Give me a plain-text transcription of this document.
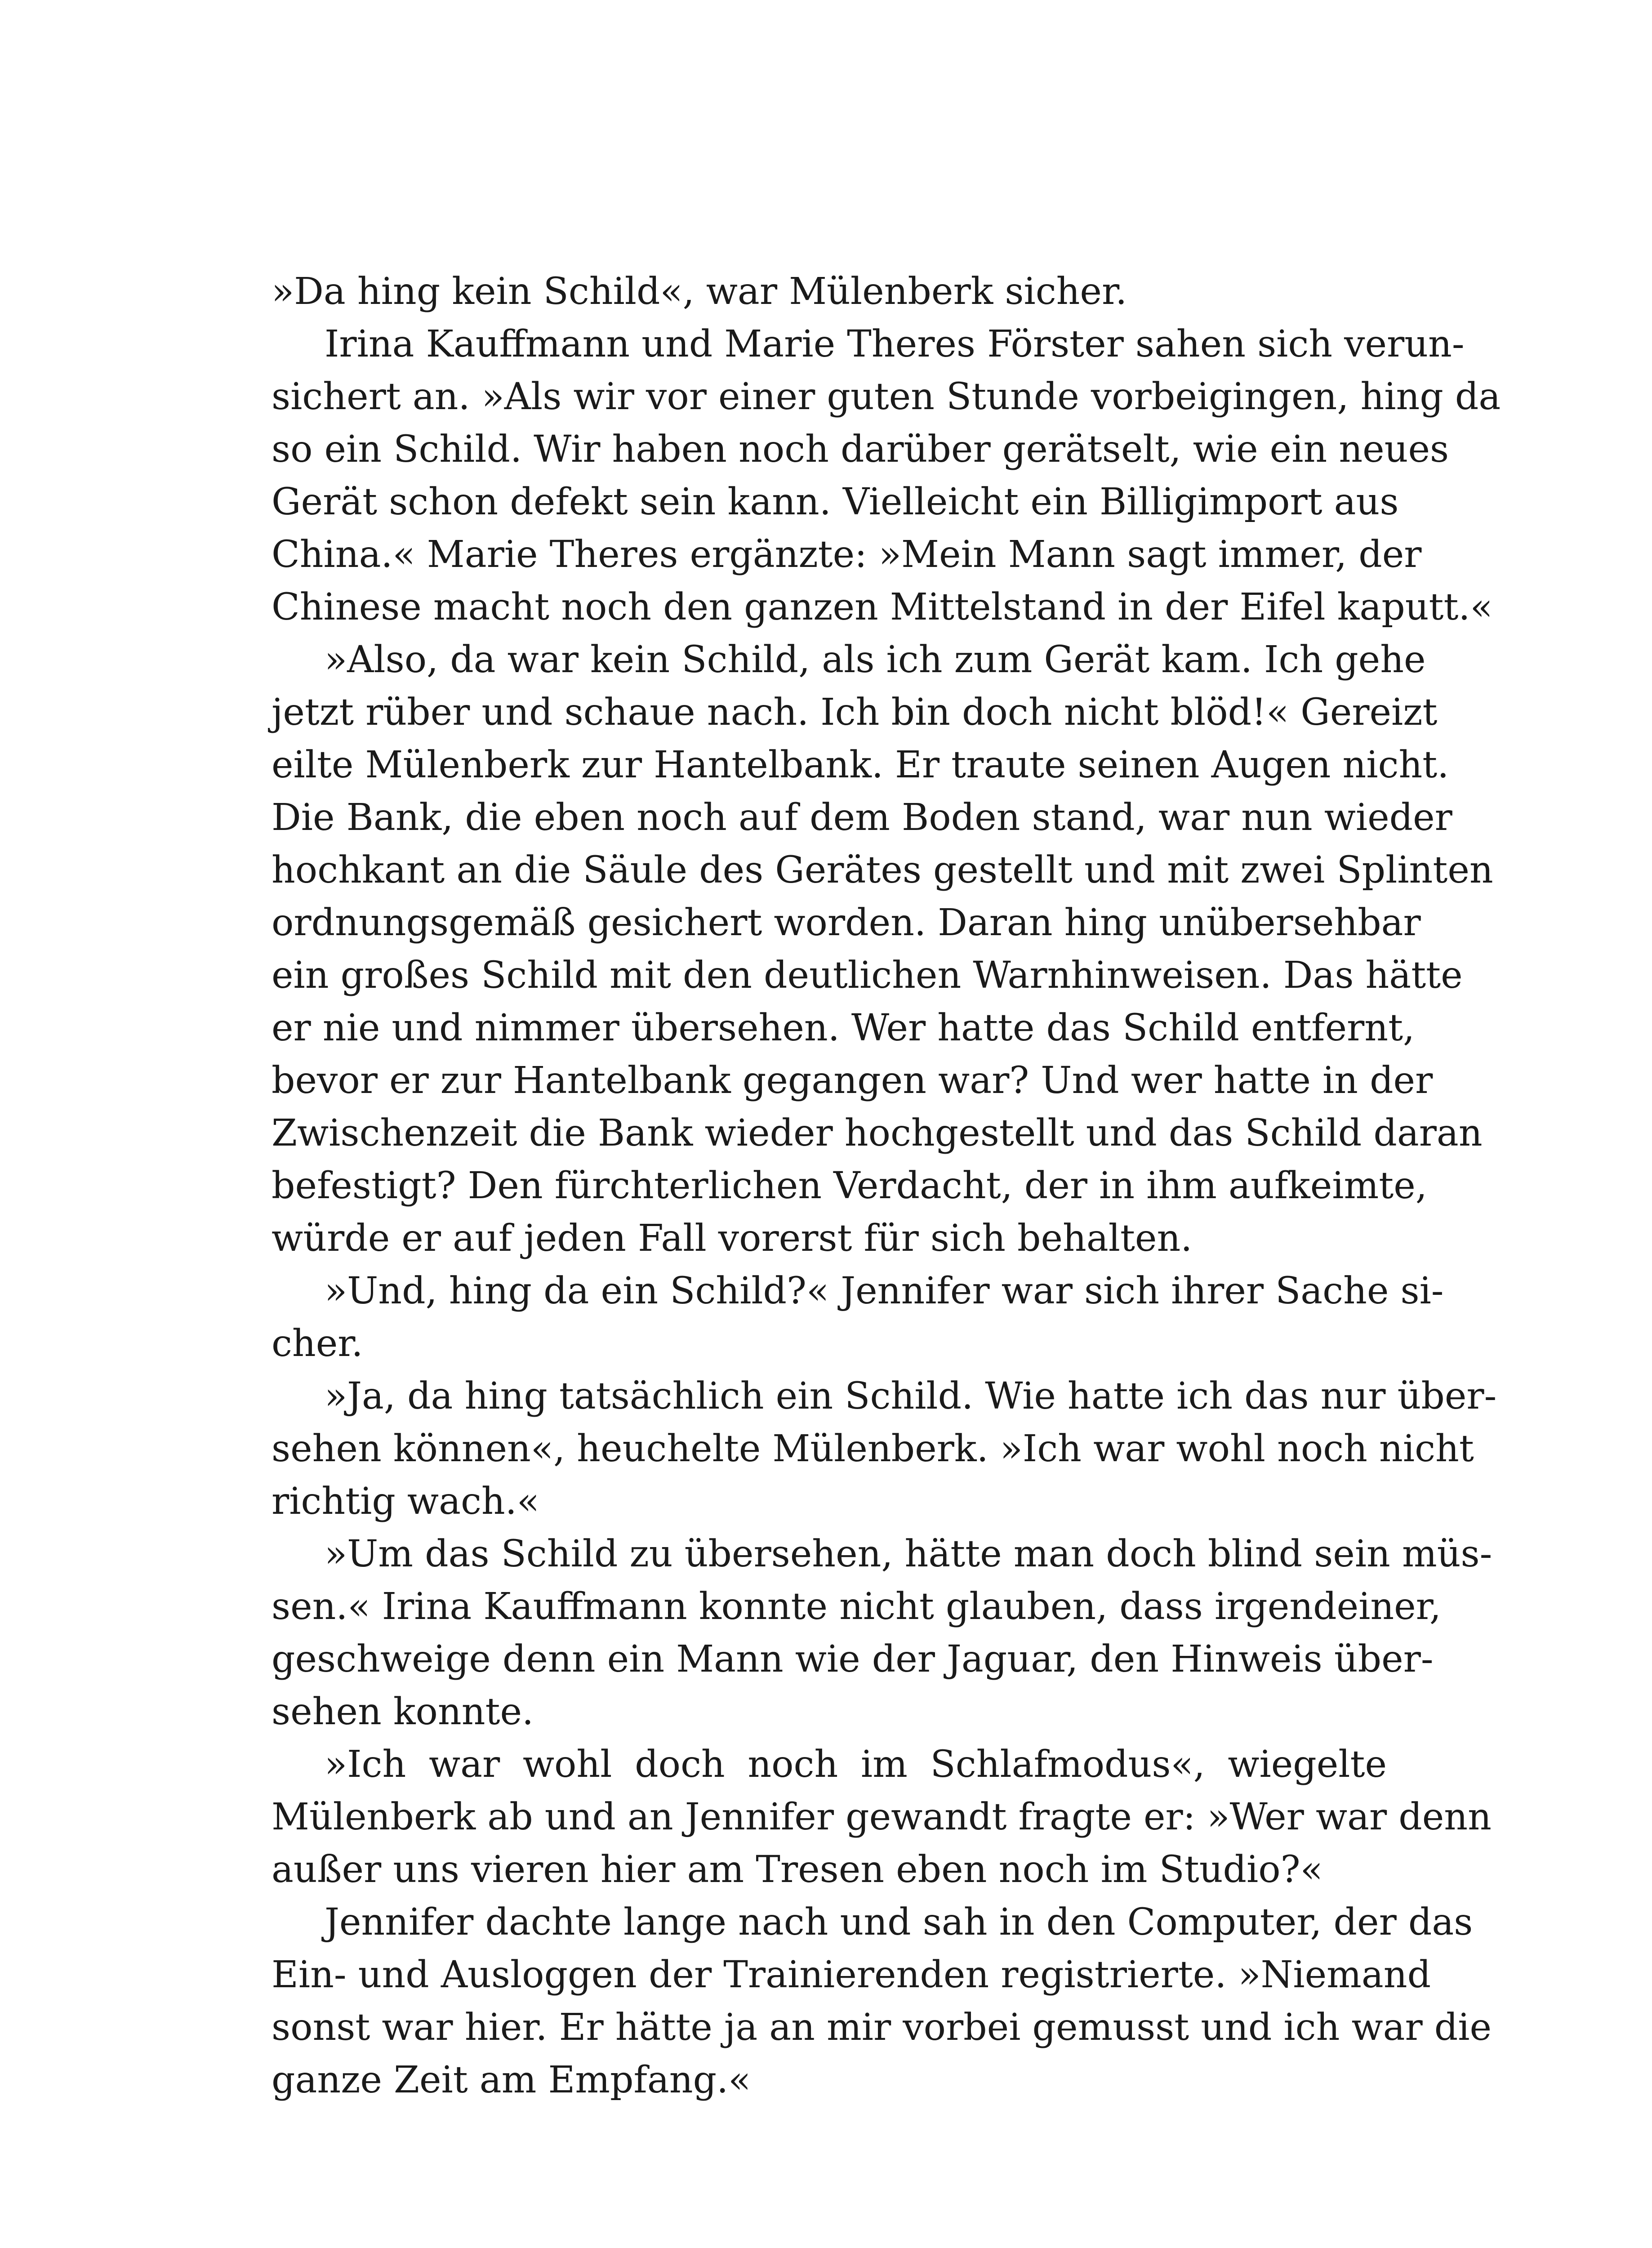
»Da hing kein Schild«, war Mülenberk sicher.
Irina Kauffmann und Marie Theres Förster sahen sich verun-
sichert an. »Als wir vor einer guten Stunde vorbeigingen, hing da
so ein Schild. Wir haben noch darüber gerätselt, wie ein neues
Gerät schon defekt sein kann. Vielleicht ein Billigimport aus
China.« Marie Theres ergänzte: »Mein Mann sagt immer, der
Chinese macht noch den ganzen Mittelstand in der Eifel kaputt.«
»Also, da war kein Schild, als ich zum Gerät kam. Ich gehe
jetzt rüber und schaue nach. Ich bin doch nicht blöd!« Gereizt
eilte Mülenberk zur Hantelbank. Er traute seinen Augen nicht.
Die Bank, die eben noch auf dem Boden stand, war nun wieder
hochkant an die Säule des Gerätes gestellt und mit zwei Splinten
ordnungsgemäß gesichert worden. Daran hing unübersehbar
ein großes Schild mit den deutlichen Warnhinweisen. Das hätte
er nie und nimmer übersehen. Wer hatte das Schild entfernt,
bevor er zur Hantelbank gegangen war? Und wer hatte in der
Zwischenzeit die Bank wieder hochgestellt und das Schild daran
befestigt? Den fürchterlichen Verdacht, der in ihm aufkeimte,
würde er auf jeden Fall vorerst für sich behalten.
»Und, hing da ein Schild?« Jennifer war sich ihrer Sache si-
cher.
»Ja, da hing tatsächlich ein Schild. Wie hatte ich das nur über-
sehen können«, heuchelte Mülenberk. »Ich war wohl noch nicht
richtig wach.«
»Um das Schild zu übersehen, hätte man doch blind sein müs-
sen.« Irina Kauffmann konnte nicht glauben, dass irgendeiner,
geschweige denn ein Mann wie der Jaguar, den Hinweis über-
sehen konnte.
»Ich war wohl doch noch im Schlafmodus«, wiegelte
Mülenberk ab und an Jennifer gewandt fragte er: »Wer war denn
außer uns vieren hier am Tresen eben noch im Studio?«
Jennifer dachte lange nach und sah in den Computer, der das
Ein- und Ausloggen der Trainierenden registrierte. »Niemand
sonst war hier. Er hätte ja an mir vorbei gemusst und ich war die
ganze Zeit am Empfang.«
